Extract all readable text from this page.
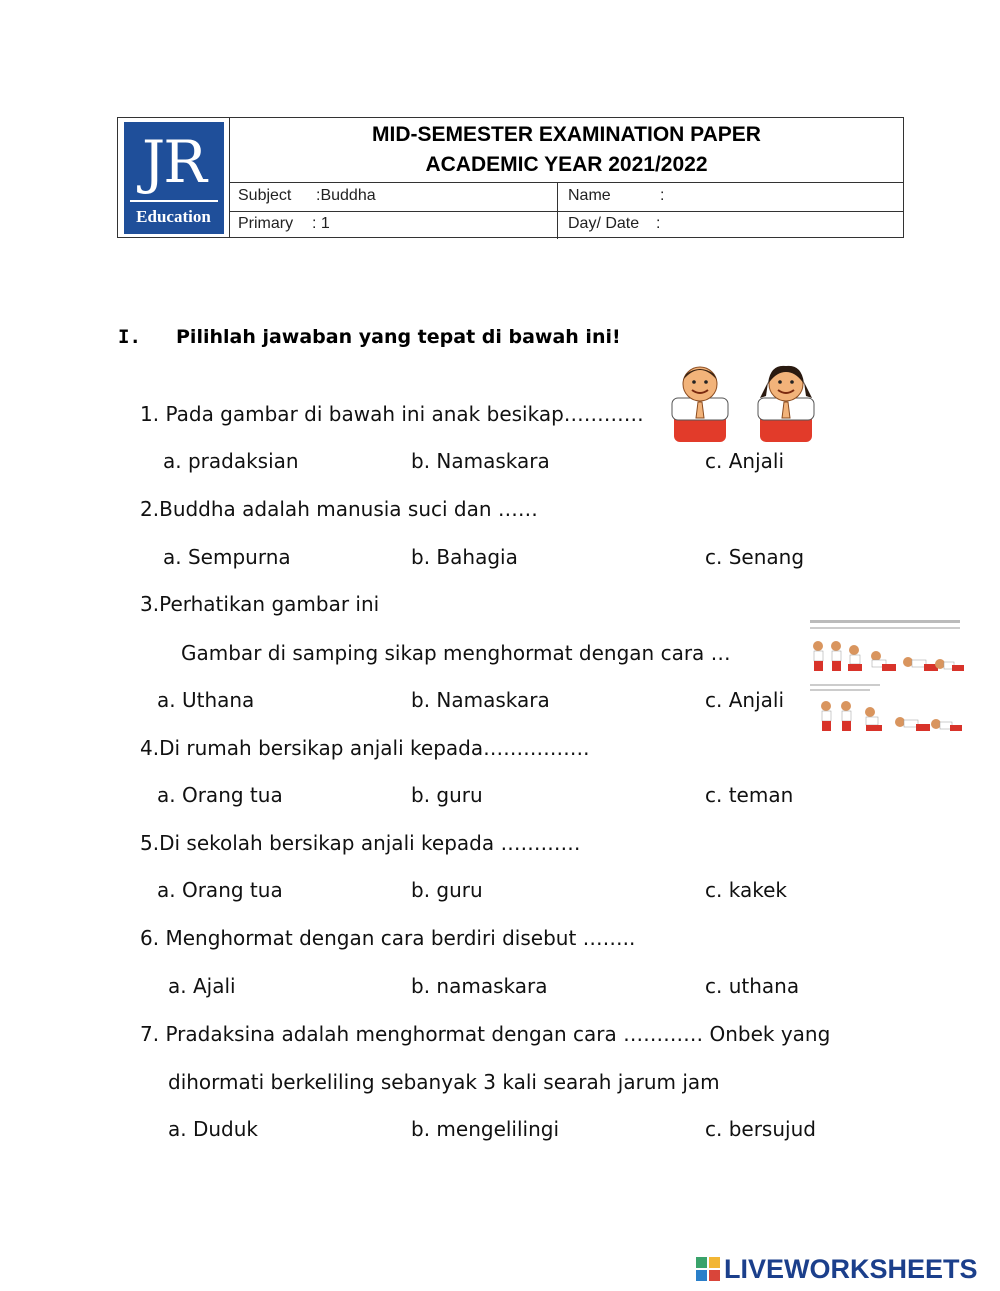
JR
Education
MID-SEMESTER EXAMINATION PAPER
ACADEMIC YEAR 2021/2022
Subject :Buddha	Name	:
Primary : 1	Day/ Date :
I. Pilihlah jawaban yang tepat di bawah ini!
1. Pada gambar di bawah ini anak besikap…………
a. pradaksian	b. Namaskara	c. Anjali
2.Buddha adalah manusia suci dan ……
a. Sempurna	b. Bahagia	c. Senang
3.Perhatikan gambar ini
Gambar di samping sikap menghormat dengan cara …
a. Uthana	b. Namaskara	c. Anjali
4.Di rumah bersikap anjali kepada…………….
a. Orang tua	b. guru	c. teman
5.Di sekolah bersikap anjali kepada …………
a. Orang tua	b. guru	c. kakek
6. Menghormat dengan cara berdiri disebut ……..
a. Ajali	b. namaskara	c. uthana
7. Pradaksina adalah menghormat dengan cara ………… Onbek yang
dihormati berkeliling sebanyak 3 kali searah jarum jam
a. Duduk	b. mengelilingi	c. bersujud
LIVEWORKSHEETS
